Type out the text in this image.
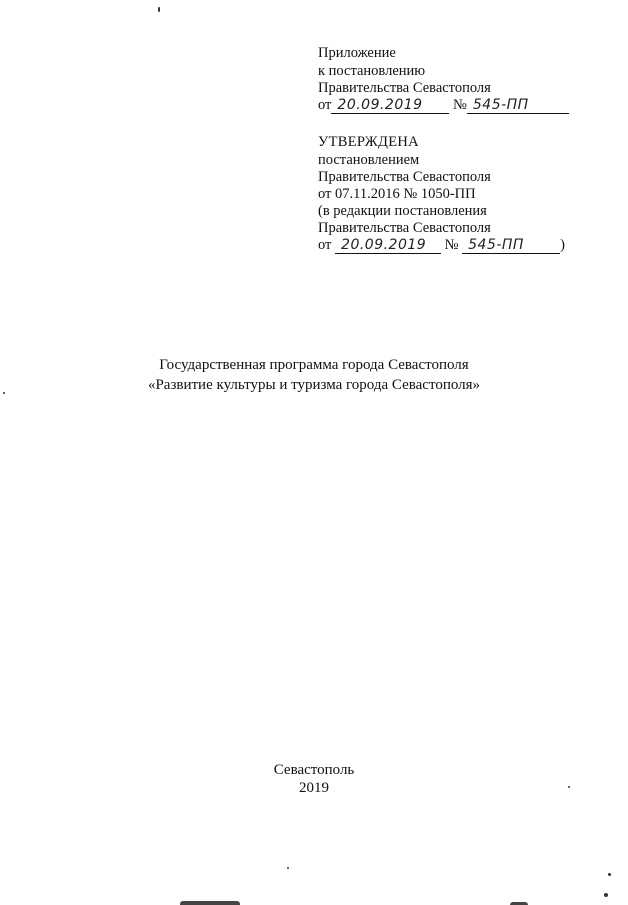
Приложение
к постановлению
Правительства Севастополя
от 20.09.2019 № 545-ПП
УТВЕРЖДЕНА
постановлением
Правительства Севастополя
от 07.11.2016 № 1050-ПП
(в редакции постановления
Правительства Севастополя
от 20.09.2019 № 545-ПП )
Государственная программа города Севастополя
«Развитие культуры и туризма города Севастополя»
Севастополь
2019
